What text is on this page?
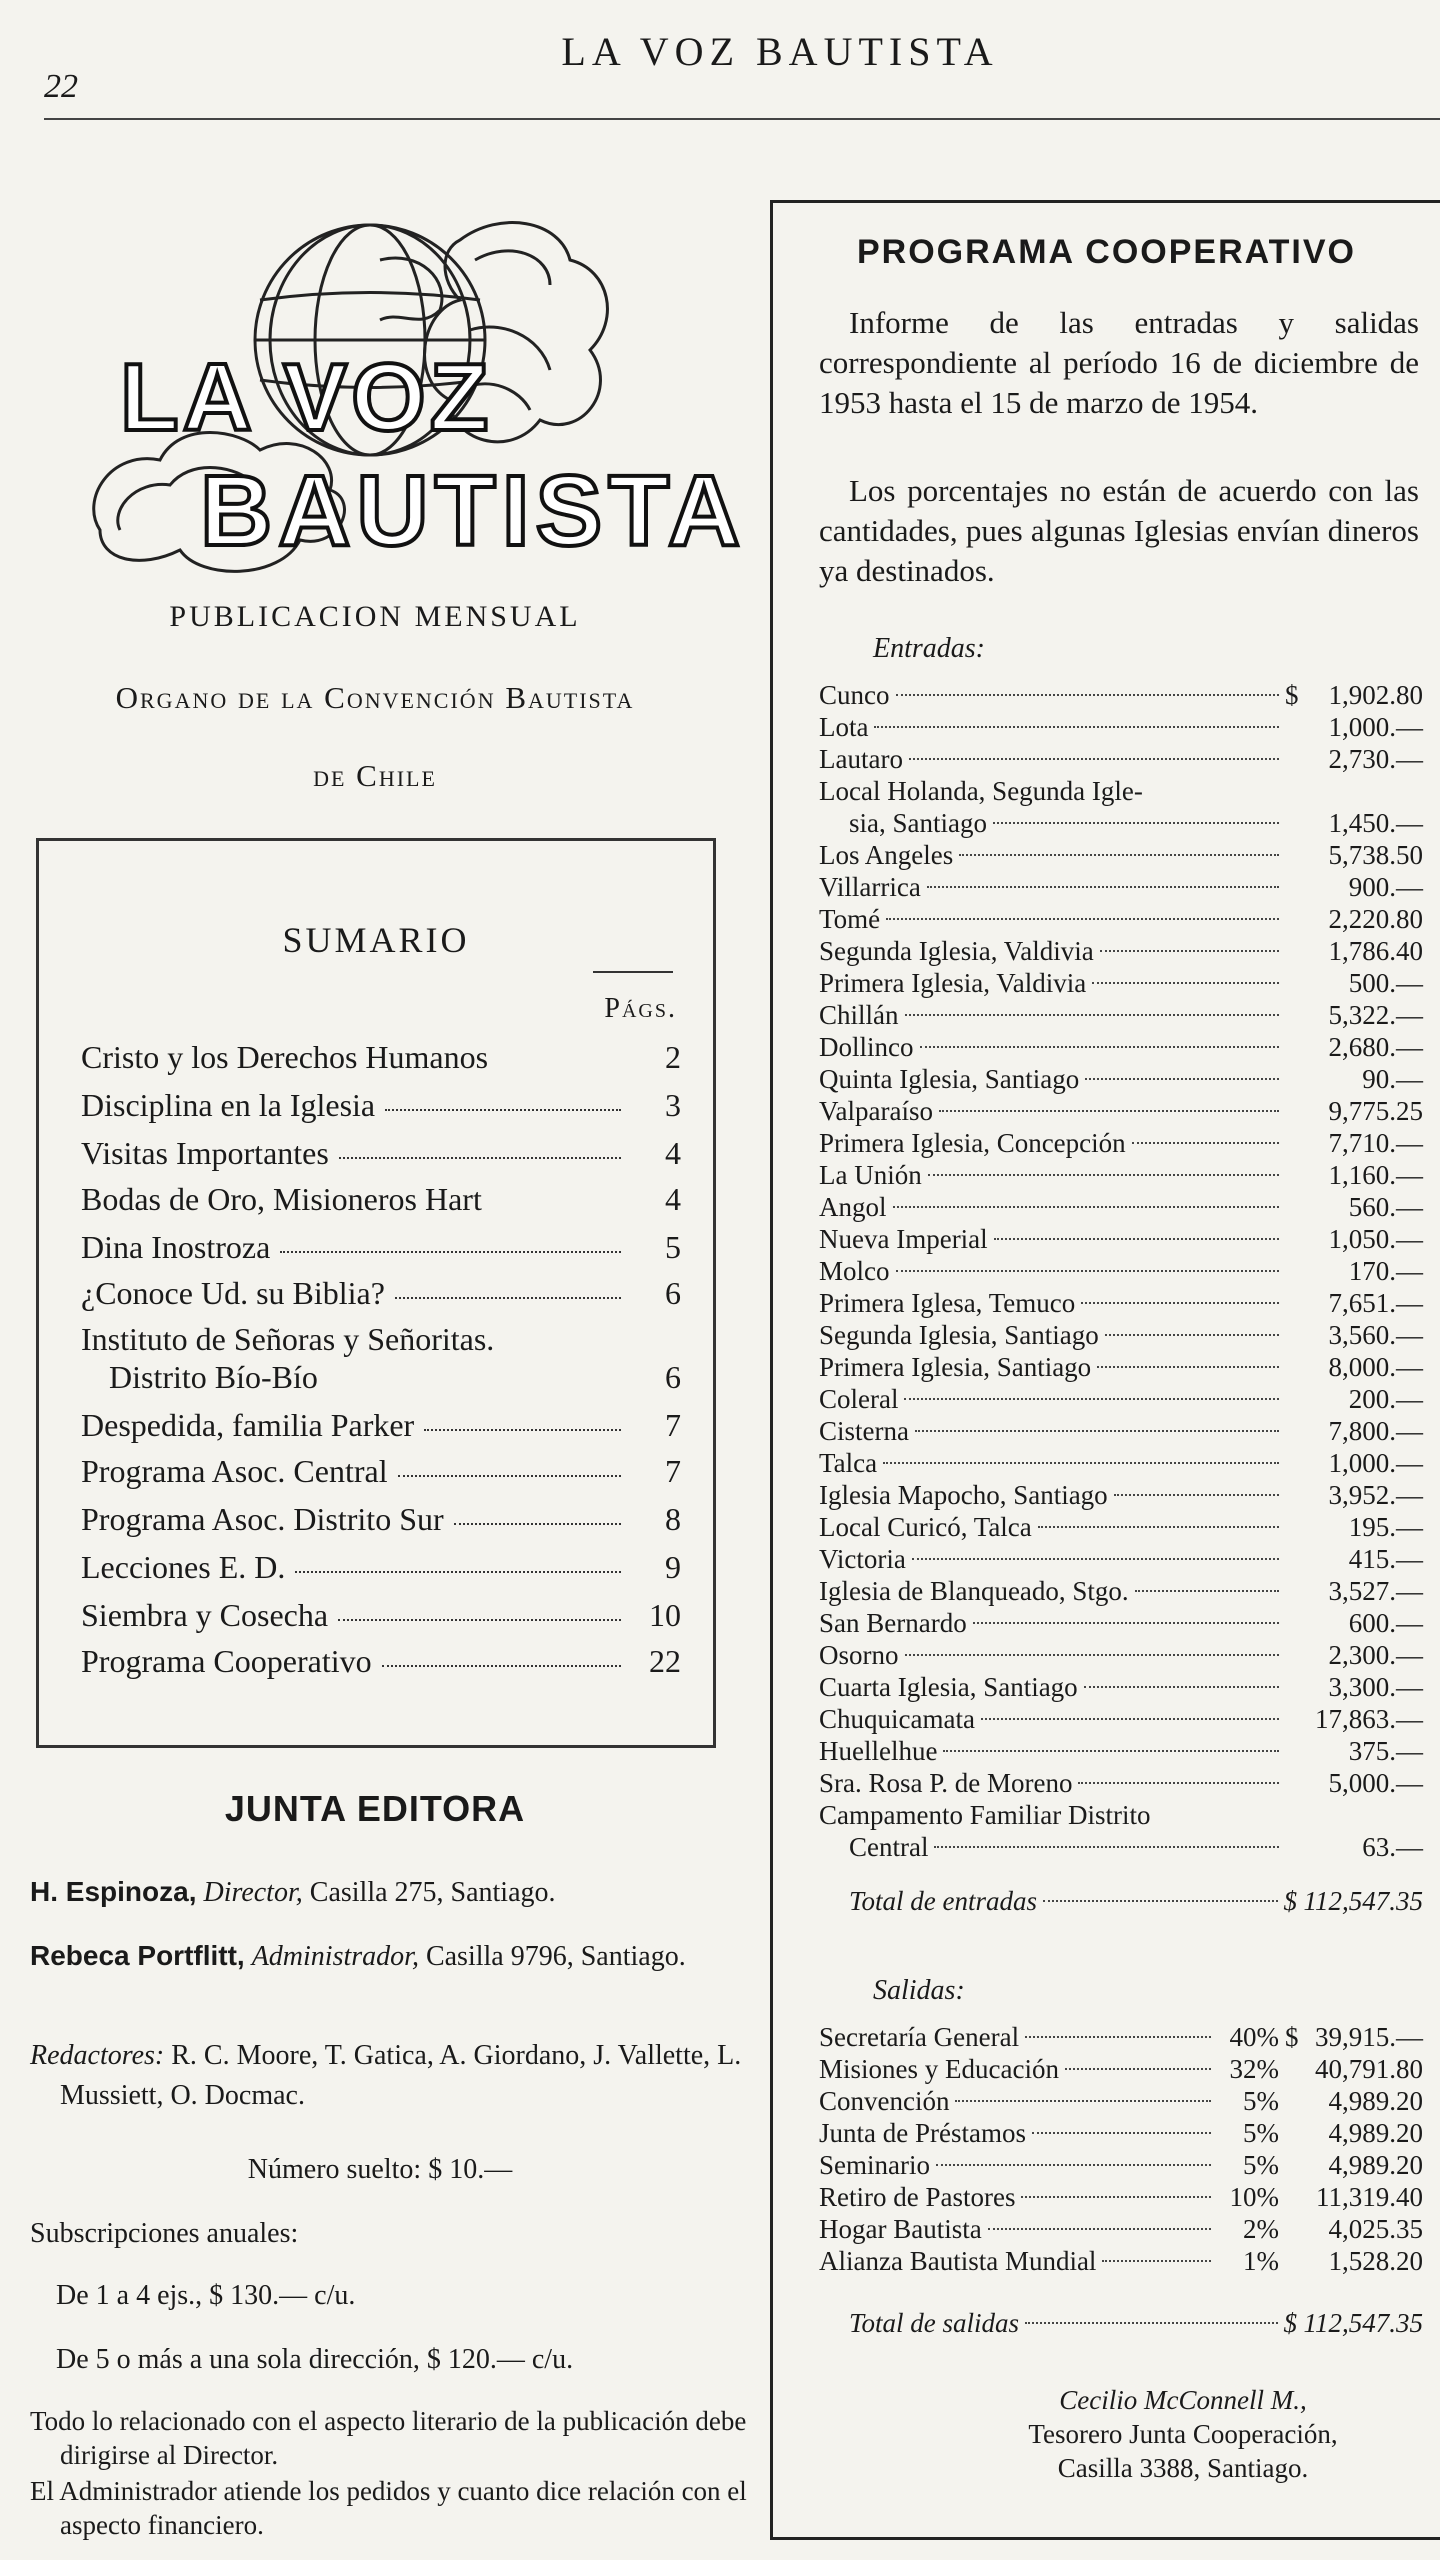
22
LA VOZ BAUTISTA
LA VOZ
BAUTISTA
PUBLICACION MENSUAL
Organo de la Convención Bautista
de Chile
SUMARIO
Págs.
Cristo y los Derechos Humanos	2
Disciplina en la Iglesia	3
Visitas Importantes	4
Bodas de Oro, Misioneros Hart	4
Dina Inostroza	5
¿Conoce Ud. su Biblia?	6
Instituto de Señoras y Señoritas.
Distrito Bío-Bío	6
Despedida, familia Parker	7
Programa Asoc. Central	7
Programa Asoc. Distrito Sur	8
Lecciones E. D.	9
Siembra y Cosecha	10
Programa Cooperativo	22
JUNTA EDITORA
H. Espinoza, Director, Casilla 275, Santiago.
Rebeca Portflitt, Administrador, Casilla 9796, Santiago.
Redactores: R. C. Moore, T. Gatica, A. Giordano, J. Vallette, L. Mussiett, O. Docmac.
Número suelto: $ 10.—
Subscripciones anuales:
De 1 a 4 ejs., $ 130.— c/u.
De 5 o más a una sola dirección, $ 120.— c/u.
Todo lo relacionado con el aspecto literario de la publicación debe dirigirse al Director.
El Administrador atiende los pedidos y cuanto dice relación con el aspecto financiero.
PROGRAMA COOPERATIVO
Informe de las entradas y salidas correspondiente al período 16 de diciembre de 1953 hasta el 15 de marzo de 1954.
Los porcentajes no están de acuerdo con las cantidades, pues algunas Iglesias envían dineros ya destinados.
Entradas:
Salidas:
Cecilio McConnell M.,
Tesorero Junta Cooperación,
Casilla 3388, Santiago.
Cunco	$	1,902.80
Lota	1,000.—
Lautaro	2,730.—
Local Holanda, Segunda Igle-
sia, Santiago	1,450.—
Los Angeles	5,738.50
Villarrica	900.—
Tomé	2,220.80
Segunda Iglesia, Valdivia	1,786.40
Primera Iglesia, Valdivia	500.—
Chillán	5,322.—
Dollinco	2,680.—
Quinta Iglesia, Santiago	90.—
Valparaíso	9,775.25
Primera Iglesia, Concepción	7,710.—
La Unión	1,160.—
Angol	560.—
Nueva Imperial	1,050.—
Molco	170.—
Primera Iglesa, Temuco	7,651.—
Segunda Iglesia, Santiago	3,560.—
Primera Iglesia, Santiago	8,000.—
Coleral	200.—
Cisterna	7,800.—
Talca	1,000.—
Iglesia Mapocho, Santiago	3,952.—
Local Curicó, Talca	195.—
Victoria	415.—
Iglesia de Blanqueado, Stgo.	3,527.—
San Bernardo	600.—
Osorno	2,300.—
Cuarta Iglesia, Santiago	3,300.—
Chuquicamata	17,863.—
Huellelhue	375.—
Sra. Rosa P. de Moreno	5,000.—
Campamento Familiar Distrito
Central	63.—
Total de entradas	$ 112,547.35
Secretaría General	40% $ 39,915.—
Misiones y Educación	32%	40,791.80
Convención	5%	4,989.20
Junta de Préstamos	5%	4,989.20
Seminario	5%	4,989.20
Retiro de Pastores	10%	11,319.40
Hogar Bautista	2%	4,025.35
Alianza Bautista Mundial	1%	1,528.20
Total de salidas	$ 112,547.35
